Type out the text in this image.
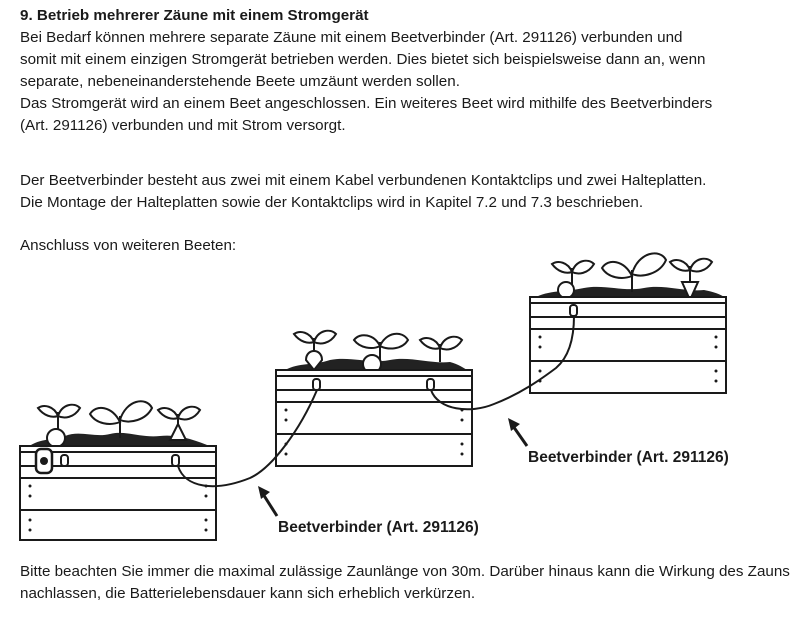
9. Betrieb mehrerer Zäune mit einem Stromgerät
Bei Bedarf können mehrere separate Zäune mit einem Beetverbinder (Art. 291126) verbunden und
somit mit einem einzigen Stromgerät betrieben werden. Dies bietet sich beispielsweise dann an, wenn
separate, nebeneinanderstehende Beete umzäunt werden sollen.
Das Stromgerät wird an einem Beet angeschlossen. Ein weiteres Beet wird mithilfe des Beetverbinders
(Art. 291126) verbunden und mit Strom versorgt.
Der Beetverbinder besteht aus zwei mit einem Kabel verbundenen Kontaktclips und zwei Halteplatten.
Die Montage der Halteplatten sowie der Kontaktclips wird in Kapitel 7.2 und 7.3 beschrieben.
Anschluss von weiteren Beeten:
Beetverbinder (Art. 291126)
Beetverbinder (Art. 291126)
Bitte beachten Sie immer die maximal zulässige Zaunlänge von 30m. Darüber hinaus kann die Wirkung des Zauns
nachlassen, die Batterielebensdauer kann sich erheblich verkürzen.
